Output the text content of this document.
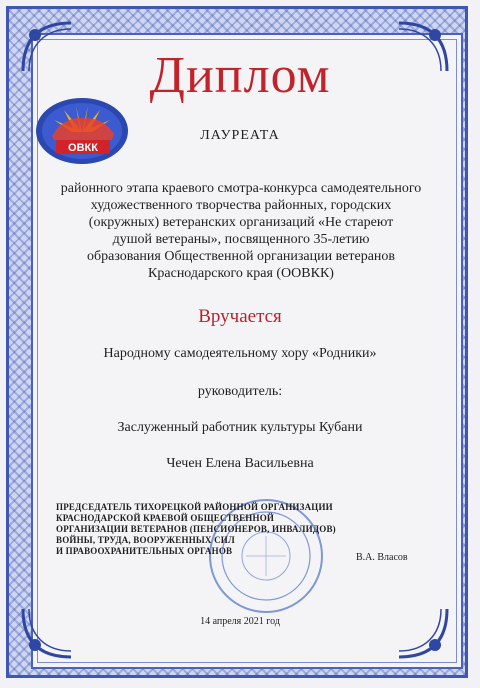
Диплом
ОВКК
ЛАУРЕАТА
районного этапа краевого смотра-конкурса самодеятельного
художественного творчества районных, городских
(окружных) ветеранских организаций «Не стареют
душой ветераны», посвященного 35-летию
образования Общественной организации ветеранов
Краснодарского края (ООВКК)
Вручается
Народному самодеятельному хору «Родники»
руководитель:
Заслуженный работник культуры Кубани
Чечен Елена Васильевна
ПРЕДСЕДАТЕЛЬ ТИХОРЕЦКОЙ РАЙОННОЙ ОРГАНИЗАЦИИ
КРАСНОДАРСКОЙ КРАЕВОЙ ОБЩЕСТВЕННОЙ
ОРГАНИЗАЦИИ ВЕТЕРАНОВ (ПЕНСИОНЕРОВ, ИНВАЛИДОВ)
ВОЙНЫ, ТРУДА, ВООРУЖЕННЫХ СИЛ
И ПРАВООХРАНИТЕЛЬНЫХ ОРГАНОВ
В.А. Власов
14 апреля 2021 год
